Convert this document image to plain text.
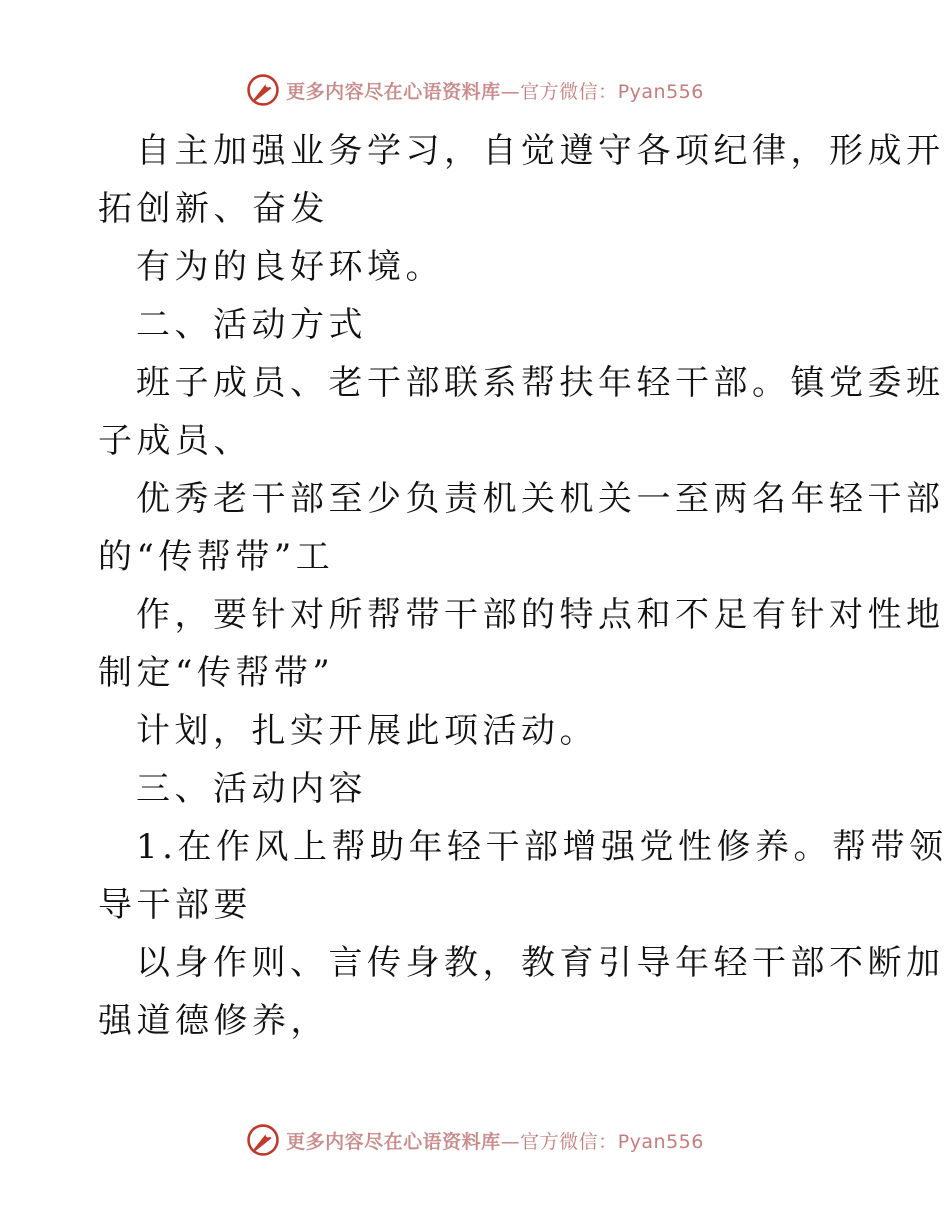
更多内容尽在心语资料库—官方微信：Pyan556
自主加强业务学习，自觉遵守各项纪律，形成开
拓创新、奋发
有为的良好环境。
二、活动方式
班子成员、老干部联系帮扶年轻干部。镇党委班
子成员、
优秀老干部至少负责机关机关一至两名年轻干部
的“传帮带”工
作，要针对所帮带干部的特点和不足有针对性地
制定“传帮带”
计划，扎实开展此项活动。
三、活动内容
1.在作风上帮助年轻干部增强党性修养。帮带领
导干部要
以身作则、言传身教，教育引导年轻干部不断加
强道德修养，
更多内容尽在心语资料库—官方微信：Pyan556
